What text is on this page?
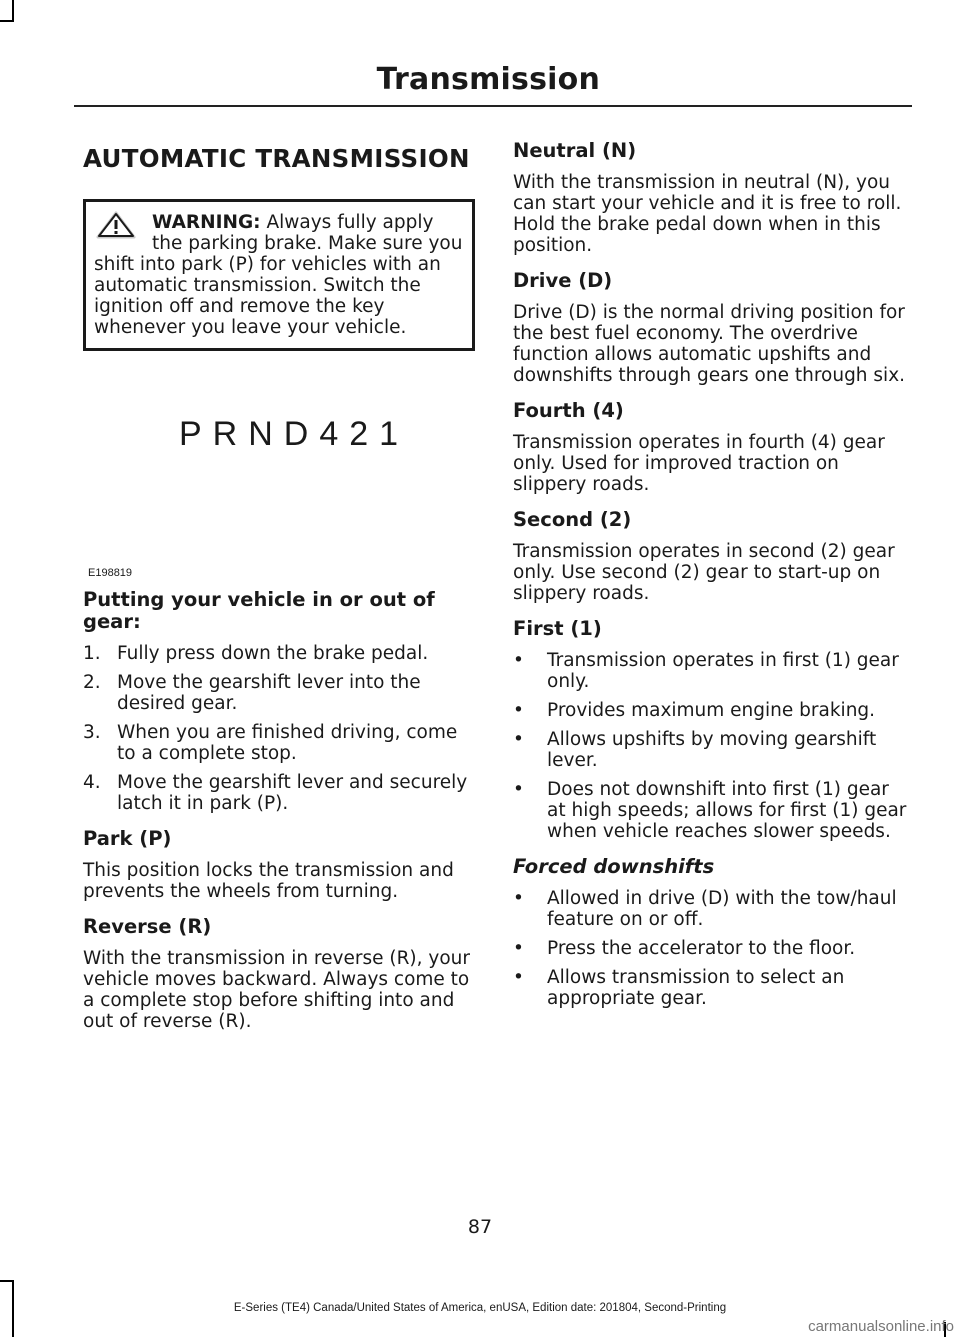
Transmission
AUTOMATIC TRANSMISSION
WARNING: Always fully apply the parking brake. Make sure you shift into park (P) for vehicles with an automatic transmission. Switch the ignition off and remove the key whenever you leave your vehicle.
PRND421
E198819
Putting your vehicle in or out of gear:
1. Fully press down the brake pedal.
2. Move the gearshift lever into the desired gear.
3. When you are finished driving, come to a complete stop.
4. Move the gearshift lever and securely latch it in park (P).
Park (P)

This position locks the transmission and prevents the wheels from turning.

Reverse (R)

With the transmission in reverse (R), your vehicle moves backward. Always come to a complete stop before shifting into and out of reverse (R).

Neutral (N)

With the transmission in neutral (N), you can start your vehicle and it is free to roll. Hold the brake pedal down when in this position.

Drive (D)

Drive (D) is the normal driving position for the best fuel economy. The overdrive function allows automatic upshifts and downshifts through gears one through six.

Fourth (4)

Transmission operates in fourth (4) gear only. Used for improved traction on slippery roads.

Second (2)

Transmission operates in second (2) gear only. Use second (2) gear to start-up on slippery roads.

First (1)
• Transmission operates in first (1) gear only.
• Provides maximum engine braking.
• Allows upshifts by moving gearshift lever.
• Does not downshift into first (1) gear at high speeds; allows for first (1) gear when vehicle reaches slower speeds.
Forced downshifts
• Allowed in drive (D) with the tow/haul feature on or off.
• Press the accelerator to the floor.
• Allows transmission to select an appropriate gear.
87
E-Series (TE4) Canada/United States of America, enUSA, Edition date: 201804, Second-Printing
carmanualsonline.info
